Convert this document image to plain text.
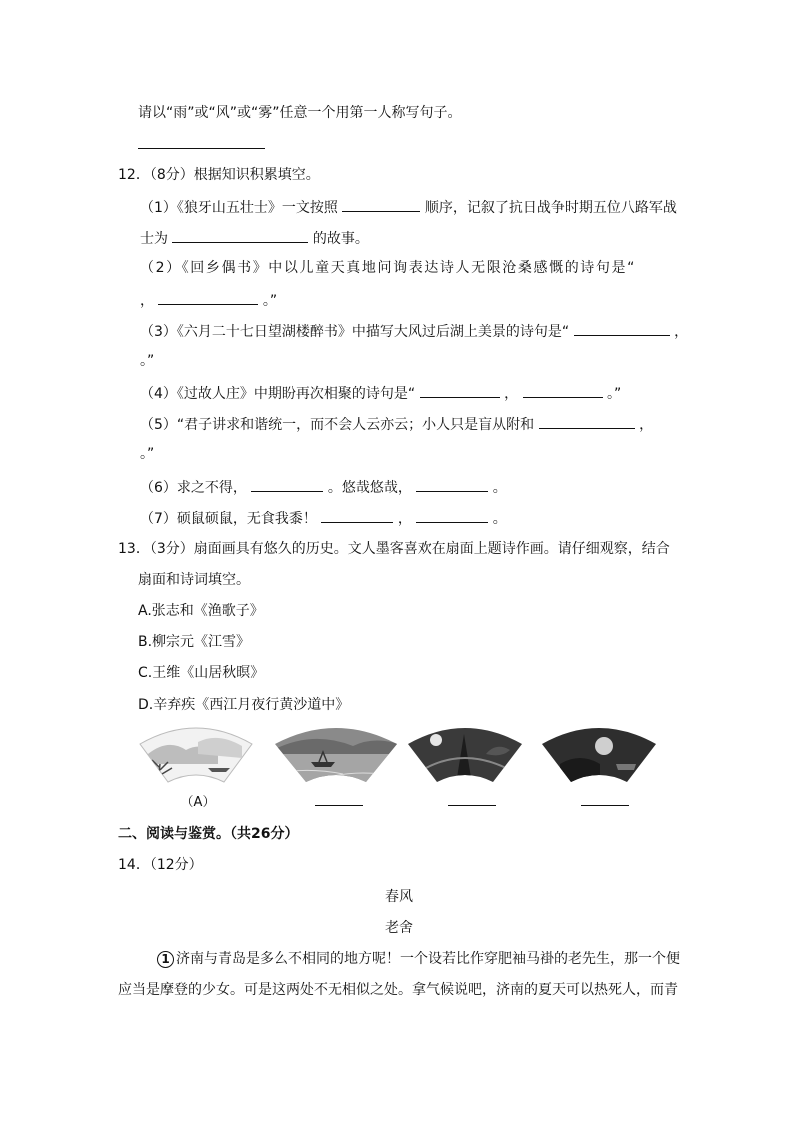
请以“雨”或“风”或“雾”任意一个用第一人称写句子。
12．（8分）根据知识积累填空。
（1）《狼牙山五壮士》一文按照	顺序，记叙了抗日战争时期五位八路军战
士为	的故事。
（2）《回乡偶书》中以儿童天真地问询表达诗人无限沧桑感慨的诗句是“
，	。”
（3）《六月二十七日望湖楼醉书》中描写大风过后湖上美景的诗句是“	，
。”
（4）《过故人庄》中期盼再次相聚的诗句是“	，	。”
（5）“君子讲求和谐统一，而不会人云亦云；小人只是盲从附和	，
。”
（6）求之不得，	。悠哉悠哉，	。
（7）硕鼠硕鼠，无食我黍！	，	。
13．（3分）扇面画具有悠久的历史。文人墨客喜欢在扇面上题诗作画。请仔细观察，结合
扇面和诗词填空。
A.张志和《渔歌子》
B.柳宗元《江雪》
C.王维《山居秋暝》
D.辛弃疾《西江月夜行黄沙道中》
（A）
二、阅读与鉴赏。（共26分）
14．（12分）
春风
老舍
1 济南与青岛是多么不相同的地方呢！一个设若比作穿肥袖马褂的老先生，那一个便
应当是摩登的少女。可是这两处不无相似之处。拿气候说吧，济南的夏天可以热死人，而青
